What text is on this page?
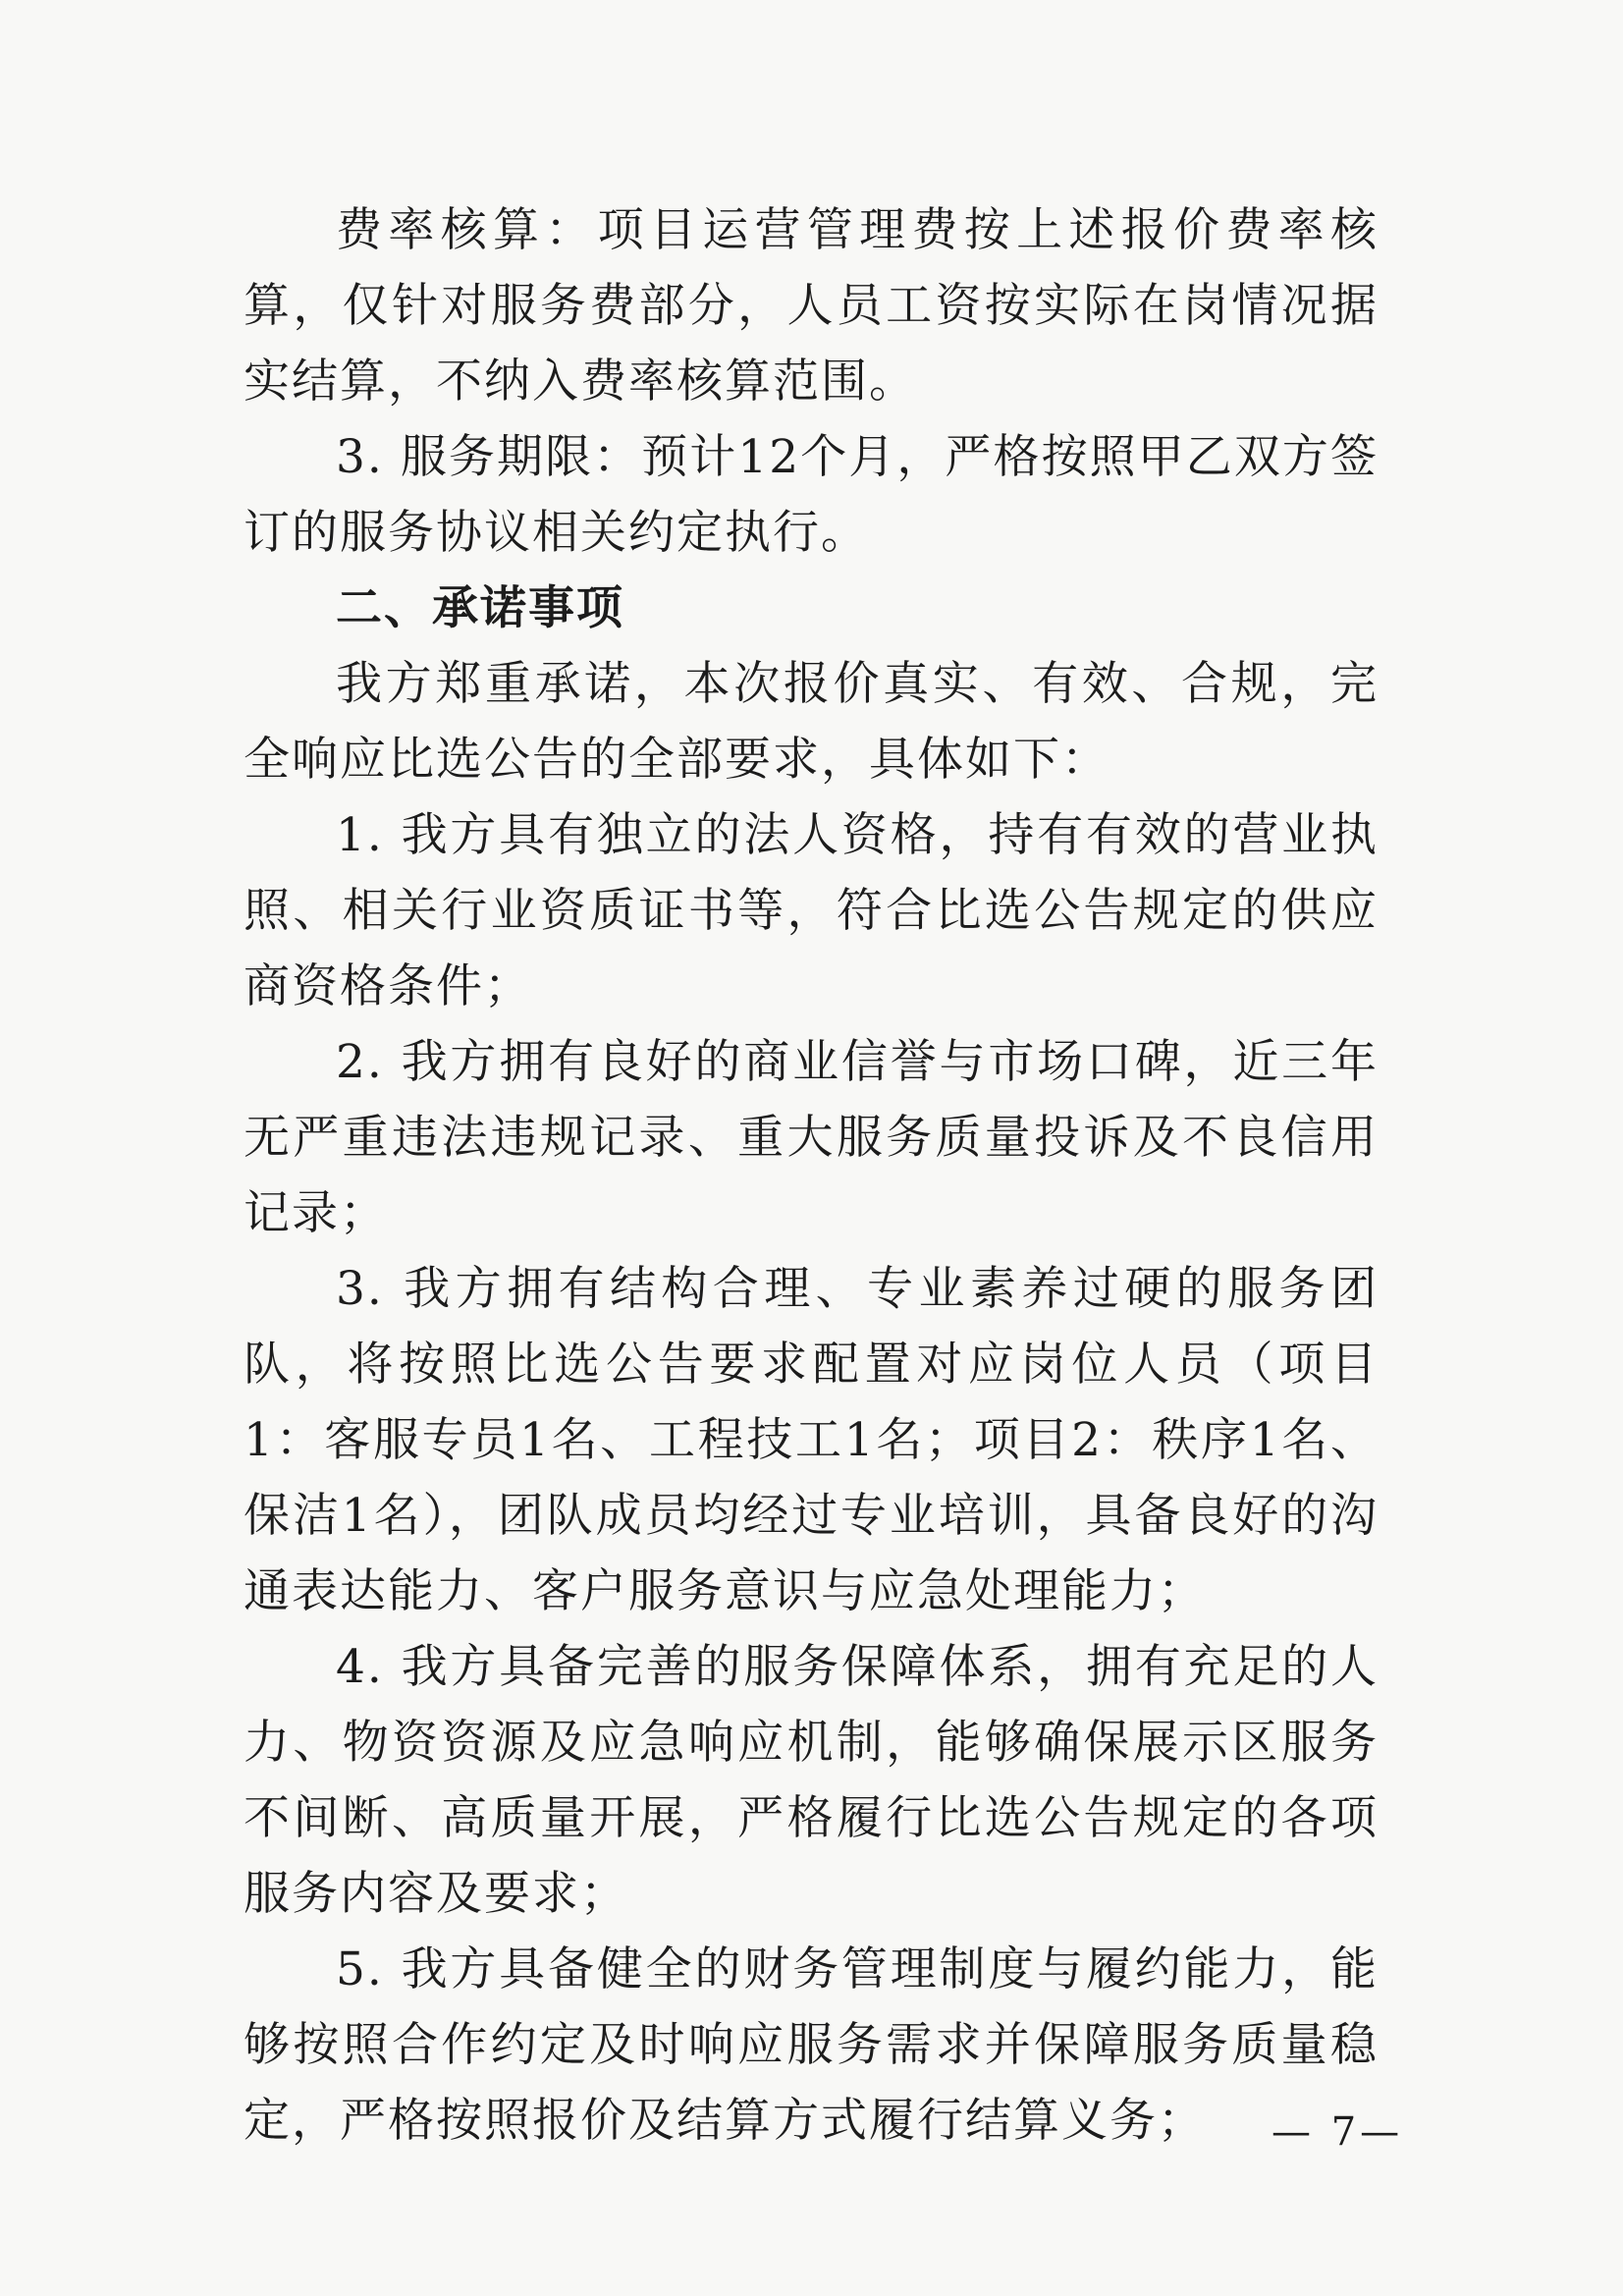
费率核算：项目运营管理费按上述报价费率核算，仅针对服务费部分，人员工资按实际在岗情况据实结算，不纳入费率核算范围。

3. 服务期限：预计12个月，严格按照甲乙双方签订的服务协议相关约定执行。

二、承诺事项

我方郑重承诺，本次报价真实、有效、合规，完全响应比选公告的全部要求，具体如下：

1. 我方具有独立的法人资格，持有有效的营业执照、相关行业资质证书等，符合比选公告规定的供应商资格条件；

2. 我方拥有良好的商业信誉与市场口碑，近三年无严重违法违规记录、重大服务质量投诉及不良信用记录；

3. 我方拥有结构合理、专业素养过硬的服务团队，将按照比选公告要求配置对应岗位人员（项目1：客服专员1名、工程技工1名；项目2：秩序1名、保洁1名），团队成员均经过专业培训，具备良好的沟通表达能力、客户服务意识与应急处理能力；

4. 我方具备完善的服务保障体系，拥有充足的人力、物资资源及应急响应机制，能够确保展示区服务不间断、高质量开展，严格履行比选公告规定的各项服务内容及要求；

5. 我方具备健全的财务管理制度与履约能力，能够按照合作约定及时响应服务需求并保障服务质量稳定，严格按照报价及结算方式履行结算义务；	— 7—
